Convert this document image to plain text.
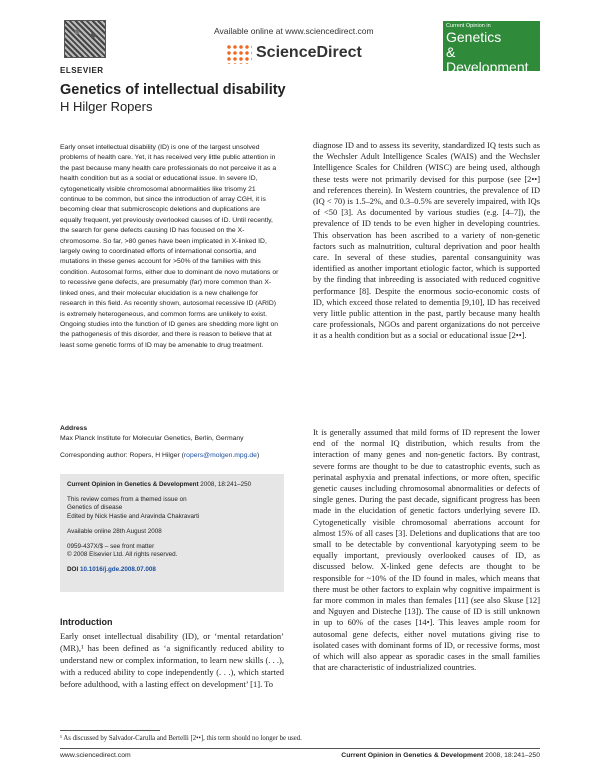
ELSEVIER
Available online at www.sciencedirect.com
ScienceDirect
Current Opinion in
Genetics
& Development
Genetics of intellectual disability
H Hilger Ropers
Early onset intellectual disability (ID) is one of the largest unsolved problems of health care. Yet, it has received very little public attention in the past because many health care professionals do not perceive it as a health condition but as a social or educational issue. In severe ID, cytogenetically visible chromosomal abnormalities like trisomy 21 continue to be common, but since the introduction of array CGH, it is becoming clear that submicroscopic deletions and duplications are equally frequent, yet previously overlooked causes of ID. Until recently, the search for gene defects causing ID has focused on the X-chromosome. So far, >80 genes have been implicated in X-linked ID, largely owing to coordinated efforts of international consortia, and mutations in these genes account for >50% of the families with this condition. Autosomal forms, either due to dominant de novo mutations or to recessive gene defects, are presumably (far) more common than X-linked ones, and their molecular elucidation is a new challenge for research in this field. As recently shown, autosomal recessive ID (ARID) is extremely heterogeneous, and common forms are unlikely to exist. Ongoing studies into the function of ID genes are shedding more light on the pathogenesis of this disorder, and there is reason to believe that at least some genetic forms of ID may be amenable to drug treatment.
Address
Max Planck Institute for Molecular Genetics, Berlin, Germany
Corresponding author: Ropers, H Hilger (ropers@molgen.mpg.de)
Current Opinion in Genetics & Development 2008, 18:241–250
This review comes from a themed issue on
Genetics of disease
Edited by Nick Hastie and Aravinda Chakravarti
Available online 28th August 2008
0959-437X/$ – see front matter
© 2008 Elsevier Ltd. All rights reserved.
DOI 10.1016/j.gde.2008.07.008
Introduction
Early onset intellectual disability (ID), or ‘mental retardation’ (MR),¹ has been defined as ‘a significantly reduced ability to understand new or complex information, to learn new skills (. . .), with a reduced ability to cope independently (. . .), which started before adulthood, with a lasting effect on development’ [1]. To
diagnose ID and to assess its severity, standardized IQ tests such as the Wechsler Adult Intelligence Scales (WAIS) and the Wechsler Intelligence Scales for Children (WISC) are being used, although these tests were not primarily devised for this purpose (see [2••] and references therein). In Western countries, the prevalence of ID (IQ < 70) is 1.5–2%, and 0.3–0.5% are severely impaired, with IQs of <50 [3]. As documented by various studies (e.g. [4–7]), the prevalence of ID tends to be even higher in developing countries. This observation has been ascribed to a variety of non-genetic factors such as malnutrition, cultural deprivation and poor health care. In several of these studies, parental consanguinity was identified as another important etiologic factor, which is supported by the finding that inbreeding is associated with reduced cognitive performance [8]. Despite the enormous socio-economic costs of ID, which exceed those related to dementia [9,10], ID has received very little public attention in the past, partly because many health care professionals, NGOs and parent organizations do not perceive it as a health condition but as a social or educational issue [2••].
It is generally assumed that mild forms of ID represent the lower end of the normal IQ distribution, which results from the interaction of many genes and non-genetic factors. By contrast, severe forms are thought to be due to catastrophic events, such as perinatal asphyxia and prenatal infections, or more often, specific genetic causes including chromosomal abnormalities or defects of single genes. During the past decade, significant progress has been made in the elucidation of genetic factors underlying severe ID. Cytogenetically visible chromosomal aberrations account for almost 15% of all cases [3]. Deletions and duplications that are too small to be detectable by conventional karyotyping seem to be equally important, previously overlooked causes of ID, as discussed below. X-linked gene defects are thought to be responsible for ~10% of the ID found in males, which means that there must be other factors to explain why cognitive impairment is far more common in males than females [11] (see also Skuse [12] and Nguyen and Disteche [13]). The cause of ID is still unknown in up to 60% of the cases [14•]. This leaves ample room for autosomal gene defects, either novel mutations giving rise to isolated cases with dominant forms of ID, or recessive forms, most of which will also appear as sporadic cases in the small families that are characteristic of industrialized countries.
¹ As discussed by Salvador-Carulla and Bertelli [2••], this term should no longer be used.
www.sciencedirect.com	Current Opinion in Genetics & Development 2008, 18:241–250
